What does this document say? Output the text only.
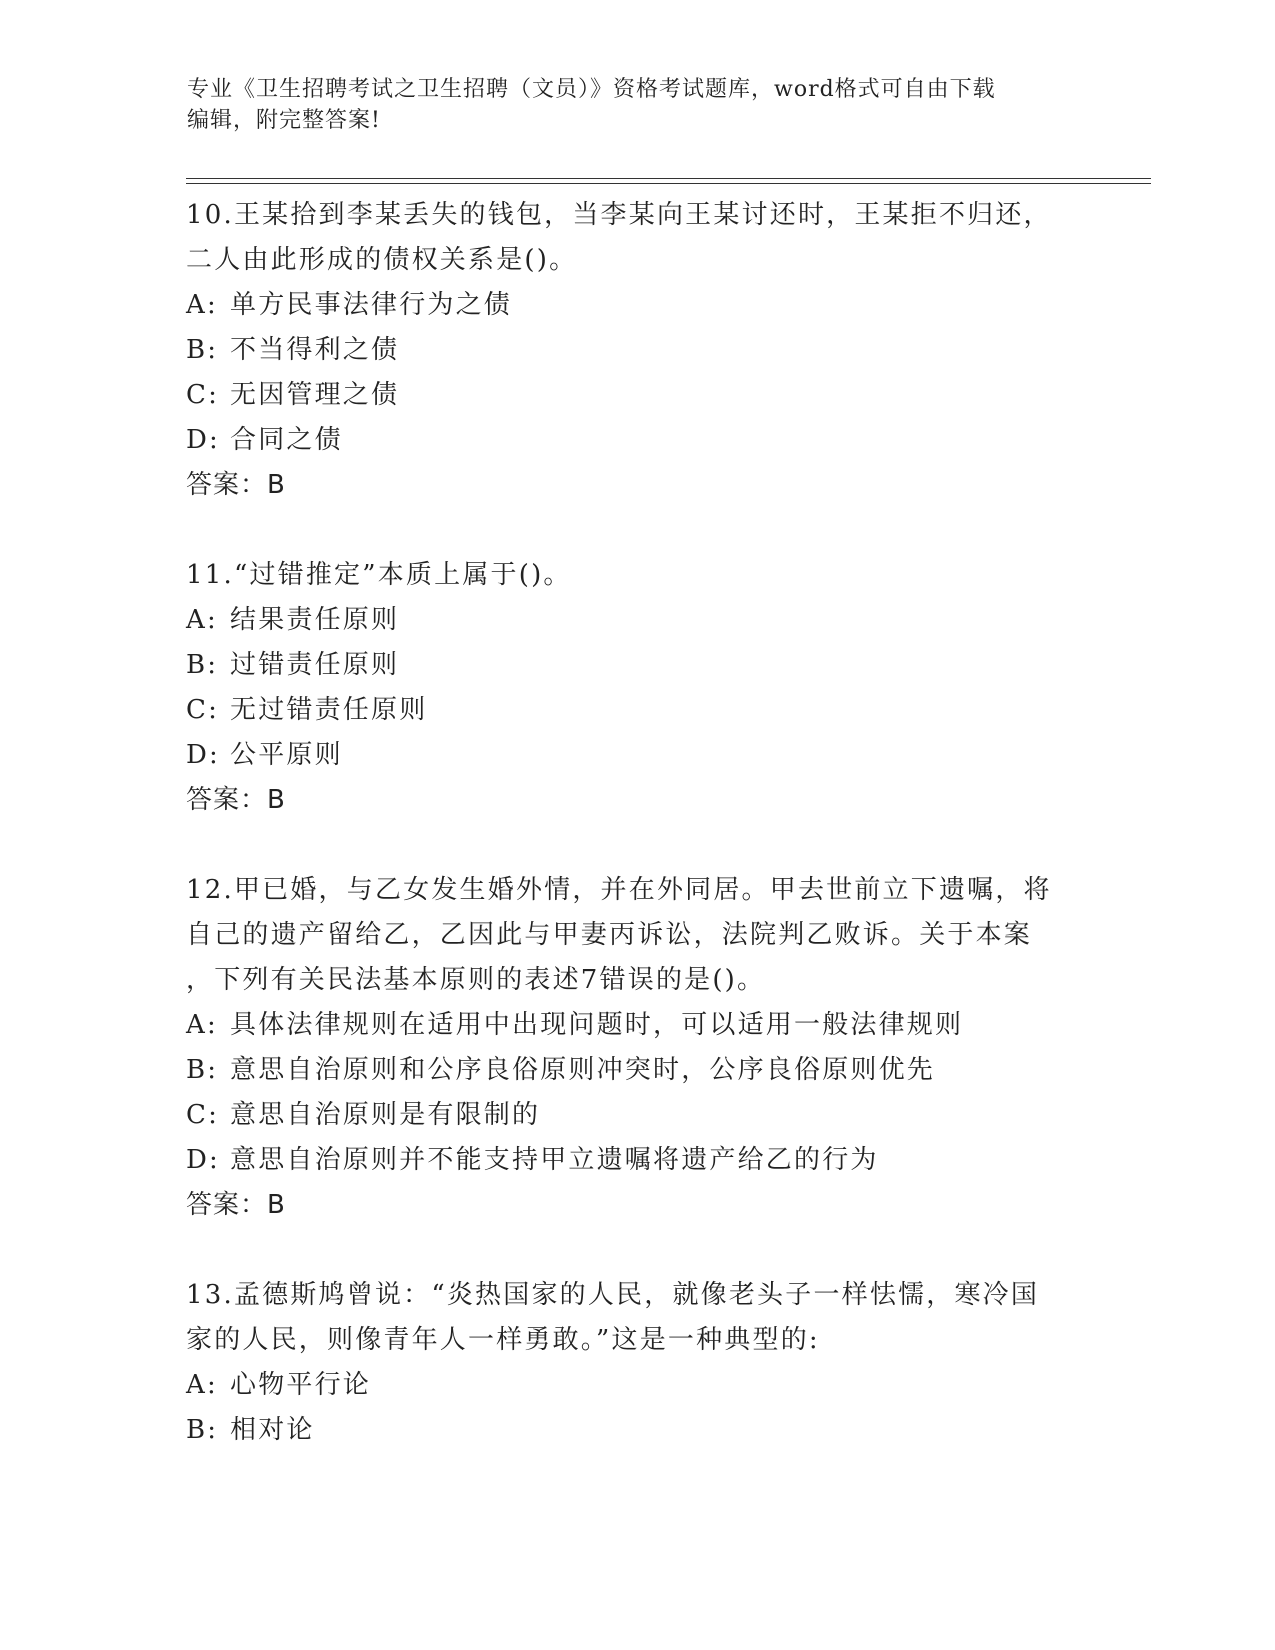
专业《卫生招聘考试之卫生招聘（文员）》资格考试题库，word格式可自由下载
编辑，附完整答案!

10.王某拾到李某丢失的钱包，当李某向王某讨还时，王某拒不归还，

二人由此形成的债权关系是()。

A: 单方民事法律行为之债

B: 不当得利之债

C: 无因管理之债

D: 合同之债

答案：B

11.“过错推定”本质上属于()。

A: 结果责任原则

B: 过错责任原则

C: 无过错责任原则

D: 公平原则

答案：B

12.甲已婚，与乙女发生婚外情，并在外同居。甲去世前立下遗嘱，将

自己的遗产留给乙，乙因此与甲妻丙诉讼，法院判乙败诉。关于本案

，下列有关民法基本原则的表述7错误的是()。

A: 具体法律规则在适用中出现问题时，可以适用一般法律规则

B: 意思自治原则和公序良俗原则冲突时，公序良俗原则优先

C: 意思自治原则是有限制的

D: 意思自治原则并不能支持甲立遗嘱将遗产给乙的行为

答案：B

13.孟德斯鸠曾说：“炎热国家的人民，就像老头子一样怯懦，寒冷国

家的人民，则像青年人一样勇敢。”这是一种典型的:

A: 心物平行论

B: 相对论
